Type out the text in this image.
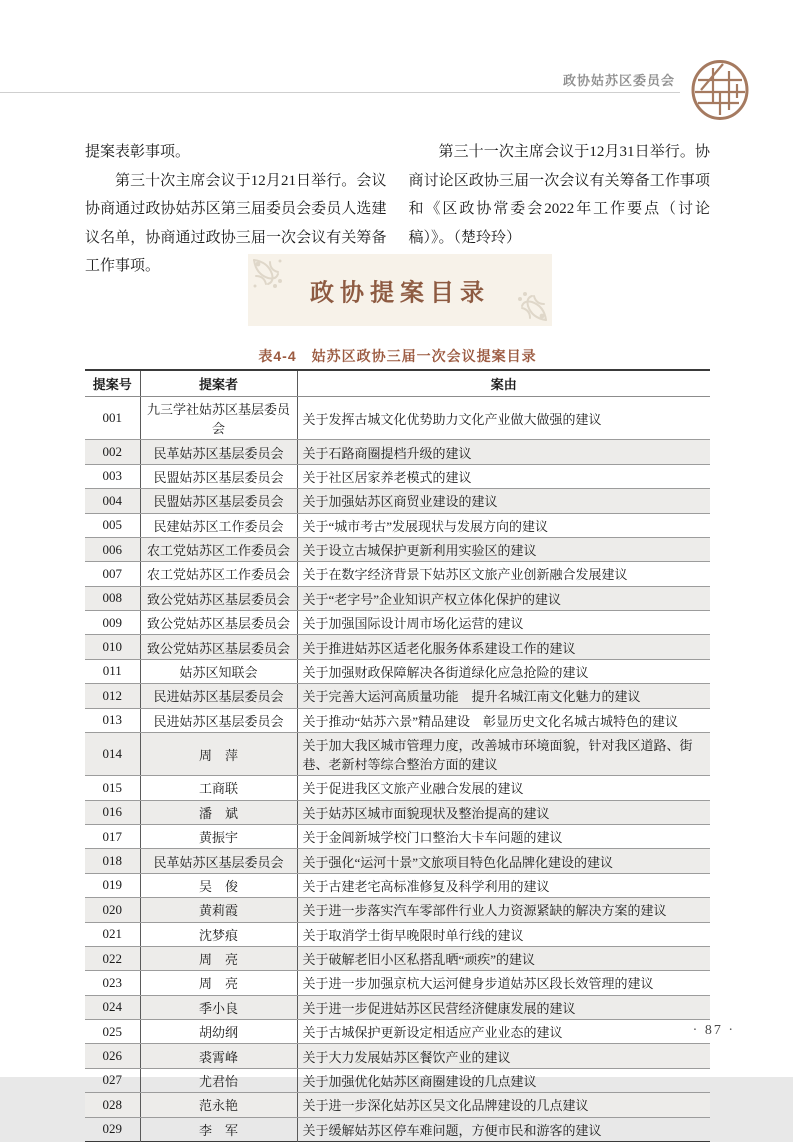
政协姑苏区委员会

提案表彰事项。

第三十次主席会议于12月21日举行。会议协商通过政协姑苏区第三届委员会委员人选建议名单，协商通过政协三届一次会议有关筹备工作事项。

第三十一次主席会议于12月31日举行。协商讨论区政协三届一次会议有关筹备工作事项和《区政协常委会2022年工作要点（讨论稿）》。（楚玲玲）

政协提案目录
表4-4　姑苏区政协三届一次会议提案目录
提案号	提案者	案由
001	九三学社姑苏区基层委员会	关于发挥古城文化优势助力文化产业做大做强的建议
002	民革姑苏区基层委员会	关于石路商圈提档升级的建议
003	民盟姑苏区基层委员会	关于社区居家养老模式的建议
004	民盟姑苏区基层委员会	关于加强姑苏区商贸业建设的建议
005	民建姑苏区工作委员会	关于“城市考古”发展现状与发展方向的建议
006	农工党姑苏区工作委员会	关于设立古城保护更新利用实验区的建议
007	农工党姑苏区工作委员会	关于在数字经济背景下姑苏区文旅产业创新融合发展建议
008	致公党姑苏区基层委员会	关于“老字号”企业知识产权立体化保护的建议
009	致公党姑苏区基层委员会	关于加强国际设计周市场化运营的建议
010	致公党姑苏区基层委员会	关于推进姑苏区适老化服务体系建设工作的建议
011	姑苏区知联会	关于加强财政保障解决各街道绿化应急抢险的建议
012	民进姑苏区基层委员会	关于完善大运河高质量功能　提升名城江南文化魅力的建议
013	民进姑苏区基层委员会	关于推动“姑苏六景”精品建设　彰显历史文化名城古城特色的建议
014	周　萍	关于加大我区城市管理力度，改善城市环境面貌，针对我区道路、街巷、老新村等综合整治方面的建议
015	工商联	关于促进我区文旅产业融合发展的建议
016	潘　斌	关于姑苏区城市面貌现状及整治提高的建议
017	黄振宇	关于金阊新城学校门口整治大卡车问题的建议
018	民革姑苏区基层委员会	关于强化“运河十景”文旅项目特色化品牌化建设的建议
019	吴　俊	关于古建老宅高标准修复及科学利用的建议
020	黄莉霞	关于进一步落实汽车零部件行业人力资源紧缺的解决方案的建议
021	沈梦痕	关于取消学士街早晚限时单行线的建议
022	周　亮	关于破解老旧小区私搭乱晒“顽疾”的建议
023	周　亮	关于进一步加强京杭大运河健身步道姑苏区段长效管理的建议
024	季小良	关于进一步促进姑苏区民营经济健康发展的建议
025	胡幼纲	关于古城保护更新设定相适应产业业态的建议
026	裘霄峰	关于大力发展姑苏区餐饮产业的建议
027	尤君怡	关于加强优化姑苏区商圈建设的几点建议
028	范永艳	关于进一步深化姑苏区吴文化品牌建设的几点建议
029	李　军	关于缓解姑苏区停车难问题，方便市民和游客的建议
· 87 ·
